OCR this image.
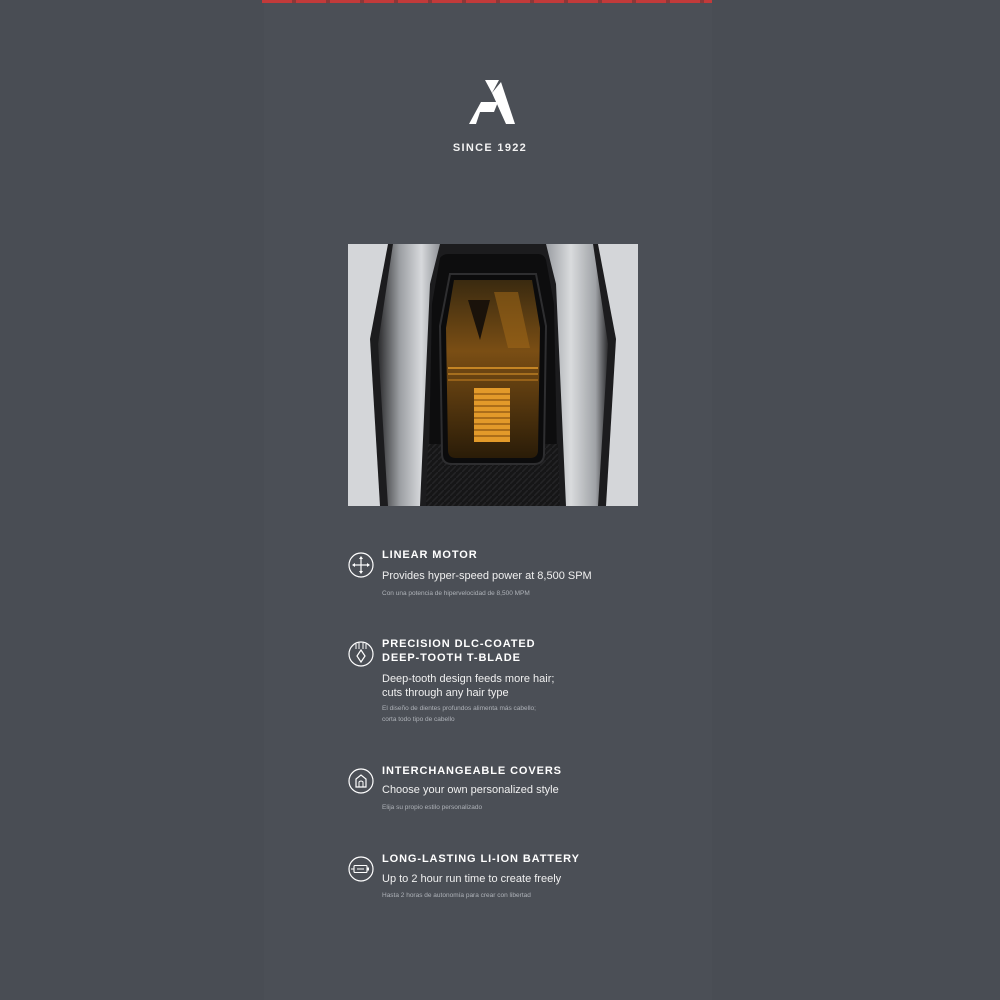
SINCE 1922
LINEAR MOTOR
Provides hyper-speed power at 8,500 SPM
Con una potencia de hipervelocidad de 8,500 MPM
PRECISION DLC-COATED
DEEP-TOOTH T-BLADE
Deep-tooth design feeds more hair;
cuts through any hair type
El diseño de dientes profundos alimenta más cabello;
corta todo tipo de cabello
INTERCHANGEABLE COVERS
Choose your own personalized style
Elija su propio estilo personalizado
LONG-LASTING LI-ION BATTERY
Up to 2 hour run time to create freely
Hasta 2 horas de autonomía para crear con libertad
